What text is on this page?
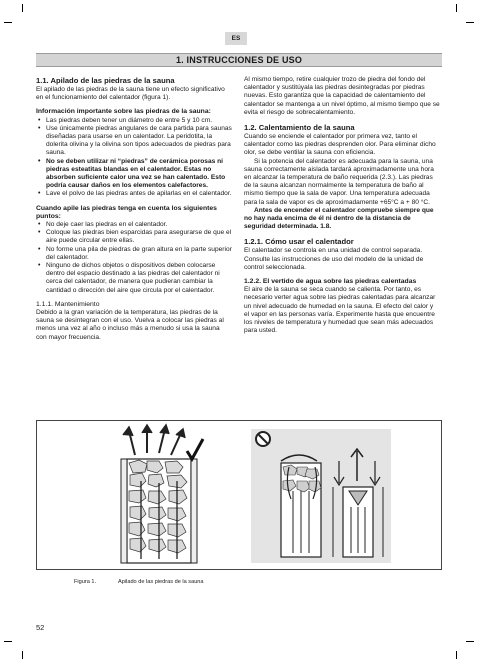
ES
1. INSTRUCCIONES DE USO
1.1. Apilado de las piedras de la sauna

El apilado de las piedras de la sauna tiene un efecto significativo en el funcionamiento del calentador (figura 1).

Información importante sobre las piedras de la sauna:
• Las piedras deben tener un diámetro de entre 5 y 10 cm.
• Use únicamente piedras angulares de cara partida para saunas diseñadas para usarse en un calentador. La peridotita, la dolerita olivina y la olivina son tipos adecuados de piedras para sauna.
• No se deben utilizar ni “piedras” de cerámica porosas ni piedras esteatitas blandas en el calentador. Estas no absorben suficiente calor una vez se han calentado. Esto podría causar daños en los elementos calefactores.
• Lave el polvo de las piedras antes de apilarlas en el calentador.
Cuando apile las piedras tenga en cuenta los siguientes puntos:
• No deje caer las piedras en el calentador.
• Coloque las piedras bien esparcidas para asegurarse de que el aire puede circular entre ellas.
• No forme una pila de piedras de gran altura en la parte superior del calentador.
• Ninguno de dichos objetos o dispositivos deben colocarse dentro del espacio destinado a las piedras del calentador ni cerca del calentador, de manera que pudieran cambiar la cantidad o dirección del aire que circula por el calentador.
1.1.1. Mantenimiento

Debido a la gran variación de la temperatura, las piedras de la sauna se desintegran con el uso. Vuelva a colocar las piedras al menos una vez al año o incluso más a menudo si usa la sauna con mayor frecuencia.

Al mismo tiempo, retire cualquier trozo de piedra del fondo del calentador y sustitúyala las piedras desintegradas por piedras nuevas. Esto garantiza que la capacidad de calentamiento del calentador se mantenga a un nivel óptimo, al mismo tiempo que se evita el riesgo de sobrecalentamiento.

1.2. Calentamiento de la sauna

Cuando se enciende el calentador por primera vez, tanto el calentador como las piedras desprenden olor. Para eliminar dicho olor, se debe ventilar la sauna con eficiencia.

Si la potencia del calentador es adecuada para la sauna, una sauna correctamente aislada tardará aproximadamente una hora en alcanzar la temperatura de baño requerida (2.3.). Las piedras de la sauna alcanzan normalmente la temperatura de baño al mismo tiempo que la sala de vapor. Una temperatura adecuada para la sala de vapor es de aproximadamente +65°C a + 80 °C.

Antes de encender el calentador compruebe siempre que no hay nada encima de él ni dentro de la distancia de seguridad determinada. 1.8.

1.2.1. Cómo usar el calentador

El calentador se controla en una unidad de control separada. Consulte las instrucciones de uso del modelo de la unidad de control seleccionada.

1.2.2. El vertido de agua sobre las piedras calentadas

El aire de la sauna se seca cuando se calienta. Por tanto, es necesario verter agua sobre las piedras calentadas para alcanzar un nivel adecuado de humedad en la sauna. El efecto del calor y el vapor en las personas varía. Experimente hasta que encuentre los niveles de temperatura y humedad que sean más adecuados para usted.

Figura 1.	Apilado de las piedras de la sauna
52
